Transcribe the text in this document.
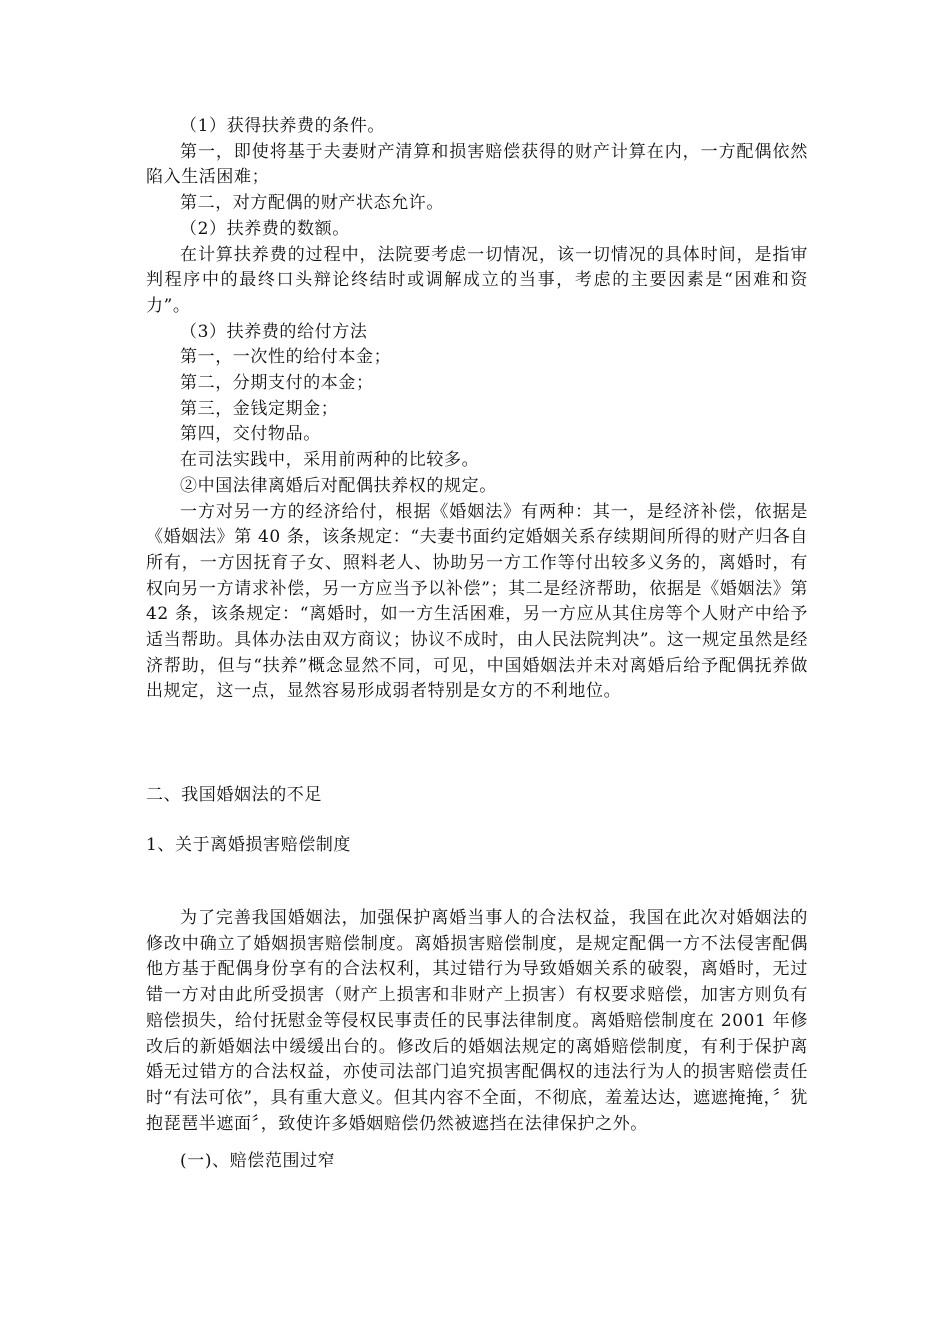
（1）获得扶养费的条件。

第一，即使将基于夫妻财产清算和损害赔偿获得的财产计算在内，一方配偶依然陷入生活困难；

第二，对方配偶的财产状态允许。

（2）扶养费的数额。

在计算扶养费的过程中，法院要考虑一切情况，该一切情况的具体时间，是指审判程序中的最终口头辩论终结时或调解成立的当事，考虑的主要因素是“困难和资力”。

（3）扶养费的给付方法

第一，一次性的给付本金；

第二，分期支付的本金；

第三，金钱定期金；

第四，交付物品。

在司法实践中，采用前两种的比较多。

②中国法律离婚后对配偶扶养权的规定。

一方对另一方的经济给付，根据《婚姻法》有两种：其一，是经济补偿，依据是《婚姻法》第 40 条，该条规定：“夫妻书面约定婚姻关系存续期间所得的财产归各自所有，一方因抚育子女、照料老人、协助另一方工作等付出较多义务的，离婚时，有权向另一方请求补偿，另一方应当予以补偿”；其二是经济帮助，依据是《婚姻法》第 42 条，该条规定：“离婚时，如一方生活困难，另一方应从其住房等个人财产中给予适当帮助。具体办法由双方商议；协议不成时，由人民法院判决”。这一规定虽然是经济帮助，但与“扶养”概念显然不同，可见，中国婚姻法并未对离婚后给予配偶抚养做出规定，这一点，显然容易形成弱者特别是女方的不利地位。

二、我国婚姻法的不足
1、关于离婚损害赔偿制度

为了完善我国婚姻法，加强保护离婚当事人的合法权益，我国在此次对婚姻法的修改中确立了婚姻损害赔偿制度。离婚损害赔偿制度，是规定配偶一方不法侵害配偶他方基于配偶身份享有的合法权利，其过错行为导致婚姻关系的破裂，离婚时，无过错一方对由此所受损害（财产上损害和非财产上损害）有权要求赔偿，加害方则负有赔偿损失，给付抚慰金等侵权民事责任的民事法律制度。离婚赔偿制度在 2001 年修改后的新婚姻法中缓缓出台的。修改后的婚姻法规定的离婚赔偿制度，有利于保护离婚无过错方的合法权益，亦使司法部门追究损害配偶权的违法行为人的损害赔偿责任时“有法可依”，具有重大意义。但其内容不全面，不彻底，羞羞达达，遮遮掩掩，〞犹抱琵琶半遮面〞，致使许多婚姻赔偿仍然被遮挡在法律保护之外。

(一)、赔偿范围过窄
